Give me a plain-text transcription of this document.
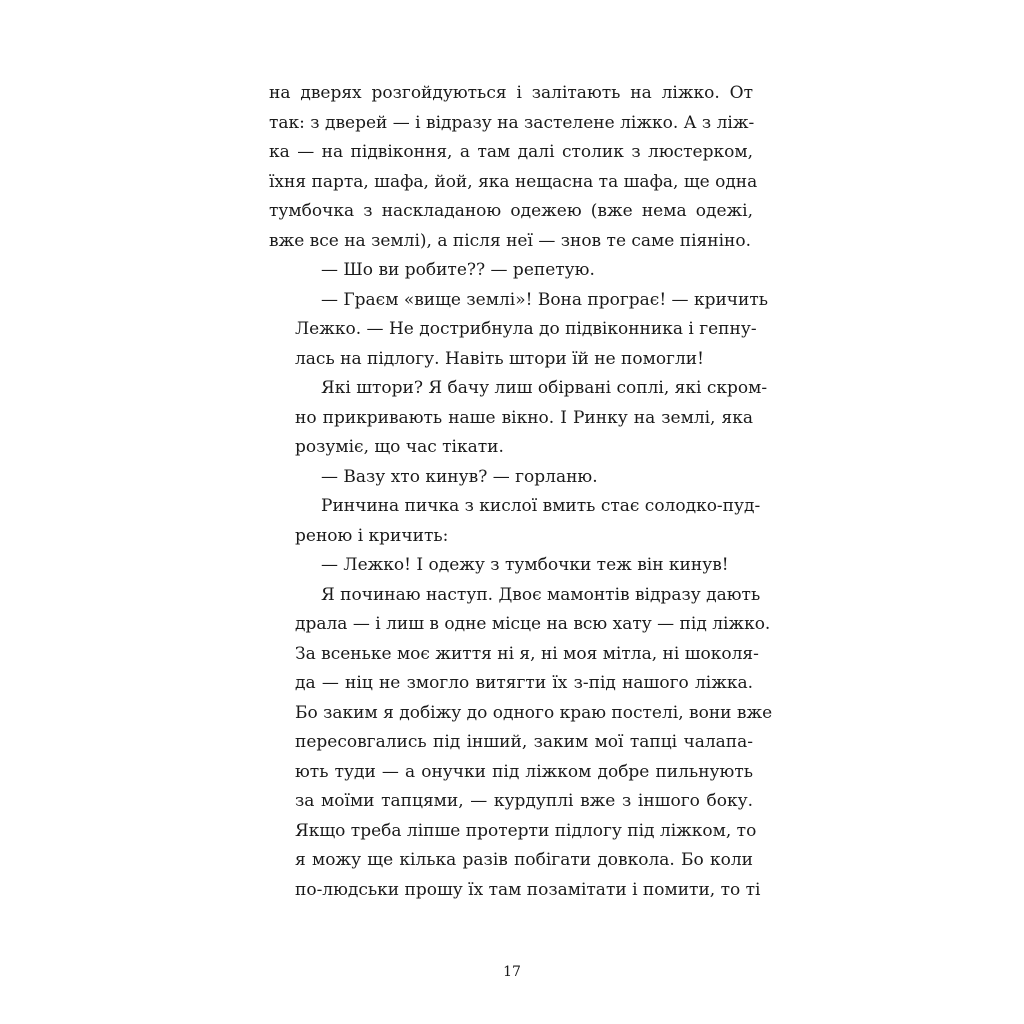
на дверях розгойдуються і залітають на ліжко. От
так: з дверей — і відразу на застелене ліжко. А з ліж-
ка — на підвіконня, а там далі столик з люстерком,
їхня парта, шафа, йой, яка нещасна та шафа, ще одна
тумбочка з наскладаною одежею (вже нема одежі,
вже все на землі), а після неї — знов те саме піяніно.
— Шо ви робите?? — репетую.
— Граєм «вище землі»! Вона програє! — кричить
Лежко. — Не дострибнула до підвіконника і гепну-
лась на підлогу. Навіть штори їй не помогли!
Які штори? Я бачу лиш обірвані соплі, які скром-
но прикривають наше вікно. І Ринку на землі, яка
розуміє, що час тікати.
— Вазу хто кинув? — горланю.
Ринчина пичка з кислої вмить стає солодко-пуд-
реною і кричить:
— Лежко! І одежу з тумбочки теж він кинув!
Я починаю наступ. Двоє мамонтів відразу дають
драла — і лиш в одне місце на всю хату — під ліжко.
За всеньке моє життя ні я, ні моя мітла, ні шоколя-
да — ніц не змогло витягти їх з-під нашого ліжка.
Бо заким я добіжу до одного краю постелі, вони вже
пересовгались під інший, заким мої тапці чалапа-
ють туди — а онучки під ліжком добре пильнують
за моїми тапцями, — курдуплі вже з іншого боку.
Якщо треба ліпше протерти підлогу під ліжком, то
я можу ще кілька разів побігати довкола. Бо коли
по-людськи прошу їх там позамітати і помити, то ті
17
